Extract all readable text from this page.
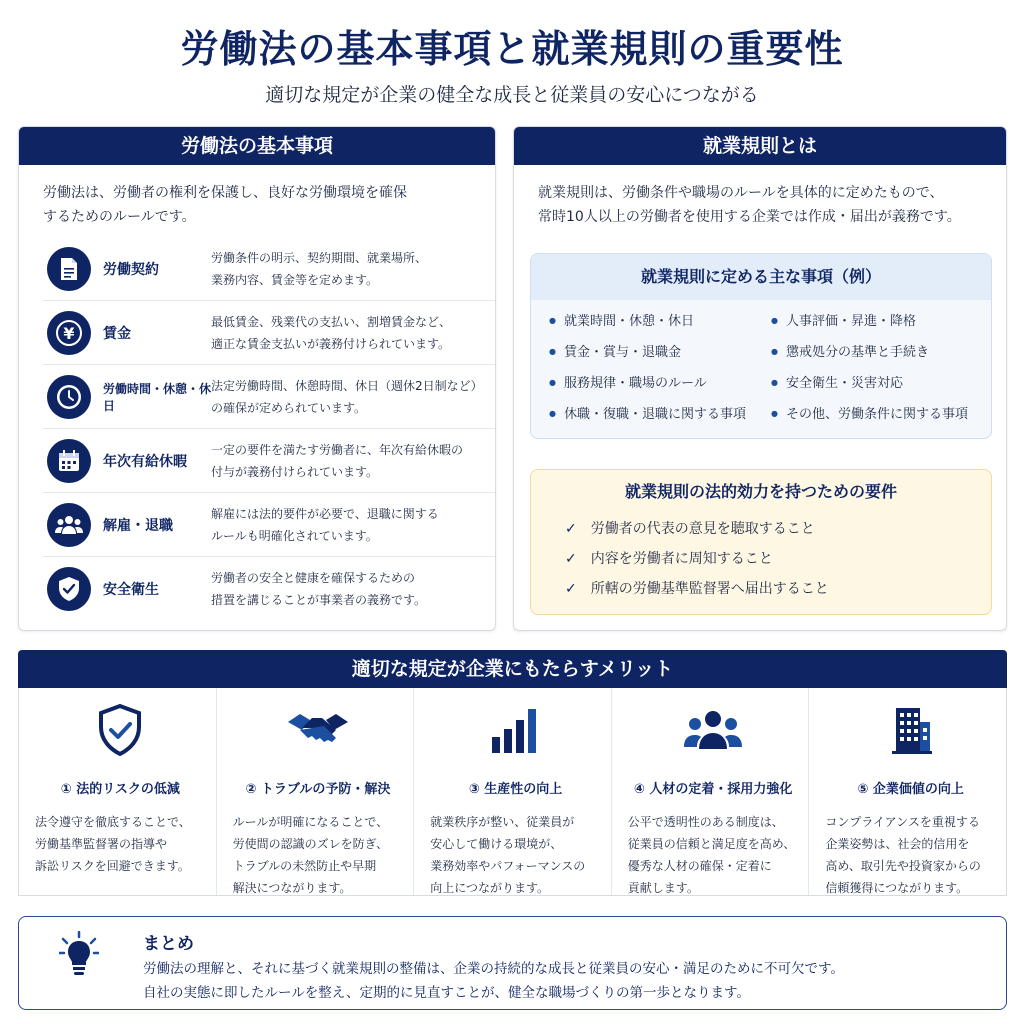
労働法の基本事項と就業規則の重要性
適切な規定が企業の健全な成長と従業員の安心につながる
労働法の基本事項
労働法は、労働者の権利を保護し、良好な労働環境を確保
するためのルールです。
労働契約
労働条件の明示、契約期間、就業場所、
業務内容、賃金等を定めます。
¥	賃金
最低賃金、残業代の支払い、割増賃金など、
適正な賃金支払いが義務付けられています。
労働時間・休憩・休日
法定労働時間、休憩時間、休日（週休2日制など）
の確保が定められています。
年次有給休暇
一定の要件を満たす労働者に、年次有給休暇の
付与が義務付けられています。
解雇・退職
解雇には法的要件が必要で、退職に関する
ルールも明確化されています。
安全衛生
労働者の安全と健康を確保するための
措置を講じることが事業者の義務です。
就業規則とは
就業規則は、労働条件や職場のルールを具体的に定めたもので、
常時10人以上の労働者を使用する企業では作成・届出が義務です。
就業規則に定める主な事項（例）
● 就業時間・休憩・休日	● 人事評価・昇進・降格
● 賃金・賞与・退職金	● 懲戒処分の基準と手続き
● 服務規律・職場のルール	● 安全衛生・災害対応
● 休職・復職・退職に関する事項	● その他、労働条件に関する事項
就業規則の法的効力を持つための要件
✓ 労働者の代表の意見を聴取すること
✓ 内容を労働者に周知すること
✓ 所轄の労働基準監督署へ届出すること
適切な規定が企業にもたらすメリット
① 法的リスクの低減
法令遵守を徹底することで、
労働基準監督署の指導や
訴訟リスクを回避できます。
② トラブルの予防・解決
ルールが明確になることで、
労使間の認識のズレを防ぎ、
トラブルの未然防止や早期
解決につながります。
③ 生産性の向上
就業秩序が整い、従業員が
安心して働ける環境が、
業務効率やパフォーマンスの
向上につながります。
④ 人材の定着・採用力強化
公平で透明性のある制度は、
従業員の信頼と満足度を高め、
優秀な人材の確保・定着に
貢献します。
⑤ 企業価値の向上
コンプライアンスを重視する
企業姿勢は、社会的信用を
高め、取引先や投資家からの
信頼獲得につながります。
まとめ
労働法の理解と、それに基づく就業規則の整備は、企業の持続的な成長と従業員の安心・満足のために不可欠です。
自社の実態に即したルールを整え、定期的に見直すことが、健全な職場づくりの第一歩となります。
